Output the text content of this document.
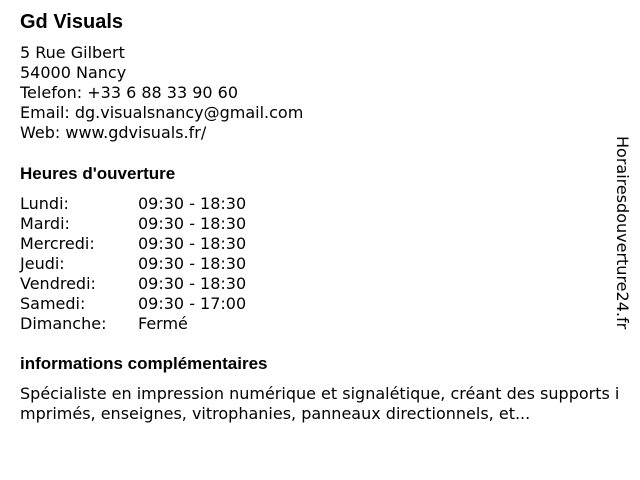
Gd Visuals
5 Rue Gilbert
54000 Nancy
Telefon: +33 6 88 33 90 60
Email: dg.visualsnancy@gmail.com
Web: www.gdvisuals.fr/
Heures d'ouverture
Lundi:	09:30 - 18:30
Mardi:	09:30 - 18:30
Mercredi:	09:30 - 18:30
Jeudi:	09:30 - 18:30
Vendredi:	09:30 - 18:30
Samedi:	09:30 - 17:00
Dimanche:	Fermé
informations complémentaires
Spécialiste en impression numérique et signalétique, créant des supports imprimés, enseignes, vitrophanies, panneaux directionnels, et...
Horairesdouverture24.fr
